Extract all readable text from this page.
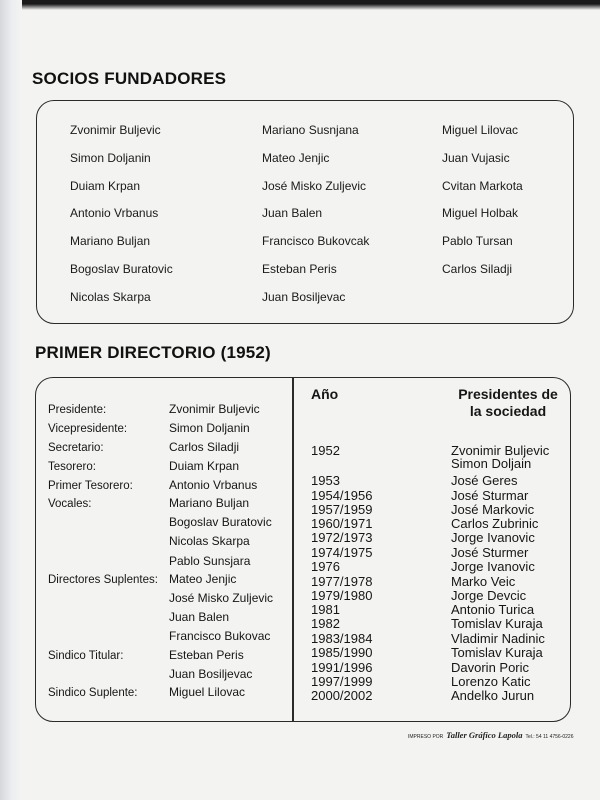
SOCIOS FUNDADORES
Zvonimir Buljevic
Simon Doljanin
Duiam Krpan
Antonio Vrbanus
Mariano Buljan
Bogoslav Buratovic
Nicolas Skarpa
Mariano Susnjana
Mateo Jenjic
José Misko Zuljevic
Juan Balen
Francisco Bukovcak
Esteban Peris
Juan Bosiljevac
Miguel Lilovac
Juan Vujasic
Cvitan Markota
Miguel Holbak
Pablo Tursan
Carlos Siladji
PRIMER DIRECTORIO (1952)
Año	Presidentes de
la sociedad
Presidente:	Zvonimir Buljevic
Vicepresidente:	Simon Doljanin
Secretario:	Carlos Siladji
Tesorero:	Duiam Krpan
Primer Tesorero:	Antonio Vrbanus
Vocales:	Mariano Buljan
Bogoslav Buratovic
Nicolas Skarpa
Pablo Sunsjara
Directores Suplentes: Mateo Jenjic
José Misko Zuljevic
Juan Balen
Francisco Bukovac
Sindico Titular:	Esteban Peris
Juan Bosiljevac
Sindico Suplente:	Miguel Lilovac
1952	Zvonimir Buljevic
Simon Doljain
1953	José Geres
1954/1956	José Sturmar
1957/1959	José Markovic
1960/1971	Carlos Zubrinic
1972/1973	Jorge Ivanovic
1974/1975	José Sturmer
1976	Jorge Ivanovic
1977/1978	Marko Veic
1979/1980	Jorge Devcic
1981	Antonio Turica
1982	Tomislav Kuraja
1983/1984	Vladimir Nadinic
1985/1990	Tomislav Kuraja
1991/1996	Davorin Poric
1997/1999	Lorenzo Katic
2000/2002	Andelko Jurun
IMPRESO POR Taller Gráfico Lapola Tel.: 54 11 4756-0226
